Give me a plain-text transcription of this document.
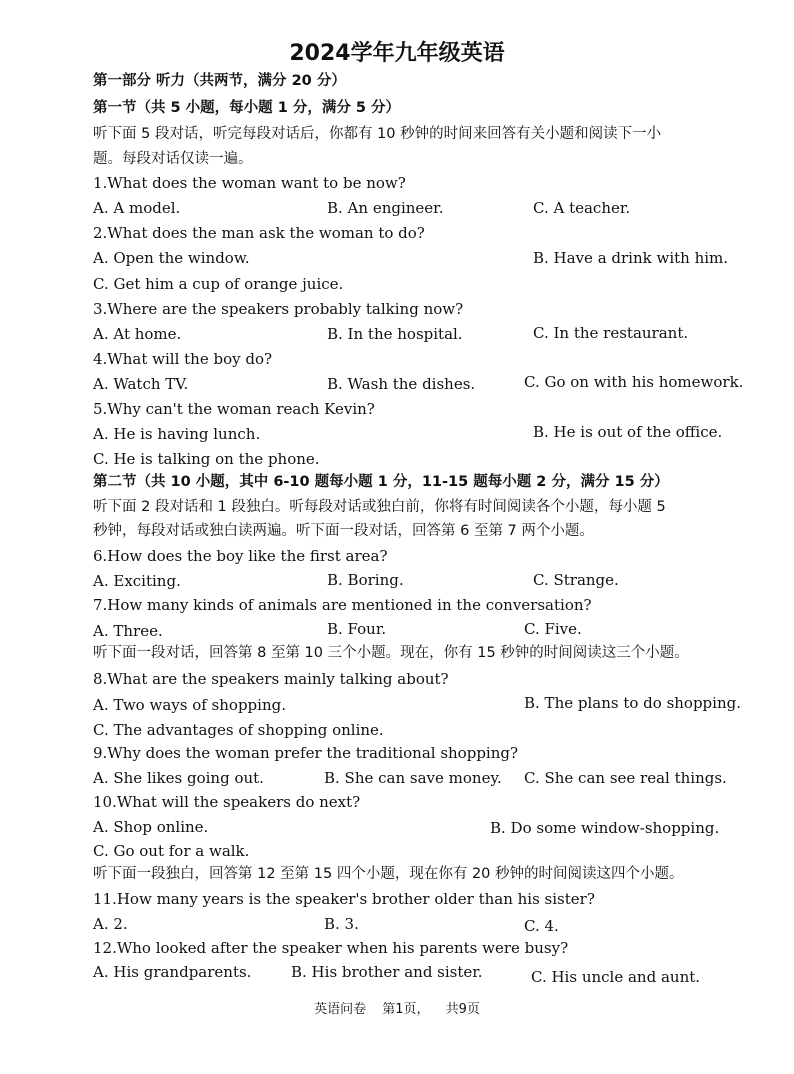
2024学年九年级英语
第一部分 听力（共两节，满分 20 分）
第一节（共 5 小题，每小题 1 分，满分 5 分）
听下面 5 段对话，听完每段对话后，你都有 10 秒钟的时间来回答有关小题和阅读下一小
题。每段对话仅读一遍。
1.What does the woman want to be now?
A. A model.	B. An engineer.	C. A teacher.
2.What does the man ask the woman to do?
A. Open the window.	B. Have a drink with him.
C. Get him a cup of orange juice.
3.Where are the speakers probably talking now?
A. At home.	B. In the hospital.	C. In the restaurant.
4.What will the boy do?
A. Watch TV.	B. Wash the dishes.	C. Go on with his homework.
5.Why can't the woman reach Kevin?
A. He is having lunch.	B. He is out of the office.
C. He is talking on the phone.
第二节（共 10 小题，其中 6-10 题每小题 1 分，11-15 题每小题 2 分，满分 15 分）
听下面 2 段对话和 1 段独白。听每段对话或独白前，你将有时间阅读各个小题，每小题 5
秒钟，每段对话或独白读两遍。听下面一段对话，回答第 6 至第 7 两个小题。
6.How does the boy like the first area?
A. Exciting.	B. Boring.	C. Strange.
7.How many kinds of animals are mentioned in the conversation?
A. Three.	B. Four.	C. Five.
听下面一段对话，回答第 8 至第 10 三个小题。现在，你有 15 秒钟的时间阅读这三个小题。
8.What are the speakers mainly talking about?
A. Two ways of shopping.	B. The plans to do shopping.
C. The advantages of shopping online.
9.Why does the woman prefer the traditional shopping?
A. She likes going out.	B. She can save money. C. She can see real things.
10.What will the speakers do next?
A. Shop online.	B. Do some window-shopping.
C. Go out for a walk.
听下面一段独白，回答第 12 至第 15 四个小题，现在你有 20 秒钟的时间阅读这四个小题。
11.How many years is the speaker's brother older than his sister?
A. 2.	B. 3.	C. 4.
12.Who looked after the speaker when his parents were busy?
A. His grandparents.	B. His brother and sister.	C. His uncle and aunt.
英语问卷 第1页， 共9页
